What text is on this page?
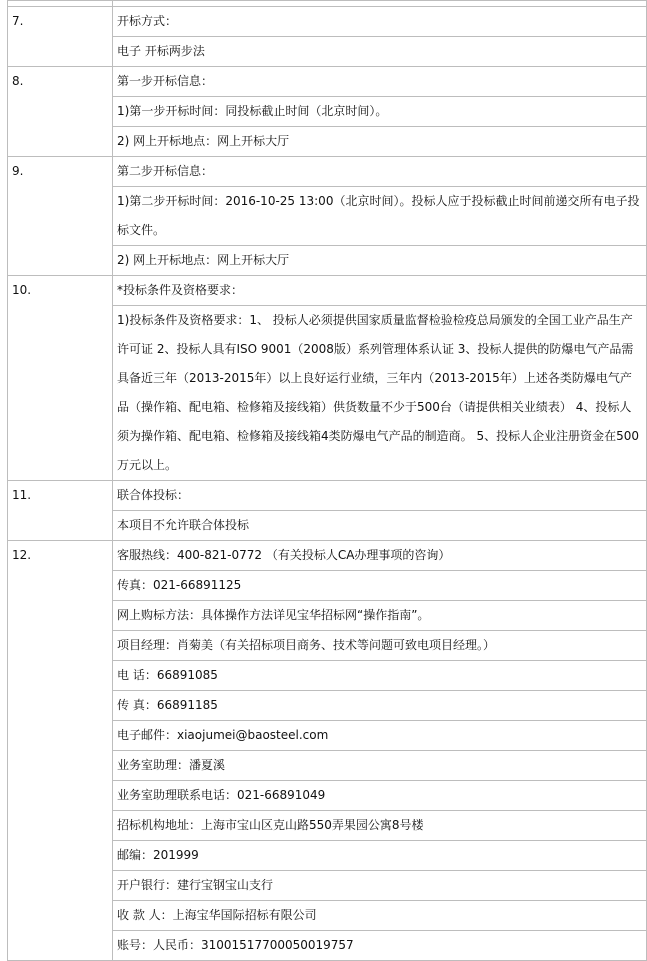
7.	开标方式：
	电子 开标两步法
8.	第一步开标信息：
	1)第一步开标时间：同投标截止时间（北京时间）。
	2) 网上开标地点：网上开标大厅
9.	第二步开标信息：
	1)第二步开标时间：2016-10-25 13:00（北京时间）。投标人应于投标截止时间前递交所有电子投标文件。
	2) 网上开标地点：网上开标大厅
10.	*投标条件及资格要求：
	1)投标条件及资格要求：1、 投标人必须提供国家质量监督检验检疫总局颁发的全国工业产品生产许可证 2、投标人具有ISO 9001（2008版）系列管理体系认证 3、投标人提供的防爆电气产品需具备近三年（2013-2015年）以上良好运行业绩，三年内（2013-2015年）上述各类防爆电气产品（操作箱、配电箱、检修箱及接线箱）供货数量不少于500台（请提供相关业绩表） 4、投标人须为操作箱、配电箱、检修箱及接线箱4类防爆电气产品的制造商。 5、投标人企业注册资金在500万元以上。
11.	联合体投标：
	本项目不允许联合体投标
12.	客服热线：400-821-0772 （有关投标人CA办理事项的咨询）
	传真：021-66891125
	网上购标方法：具体操作方法详见宝华招标网“操作指南”。
	项目经理：肖菊美（有关招标项目商务、技术等问题可致电项目经理。）
	电 话：66891085
	传 真：66891185
	电子邮件：xiaojumei@baosteel.com
	业务室助理：潘夏溪
	业务室助理联系电话：021-66891049
	招标机构地址：上海市宝山区克山路550弄果园公寓8号楼
	邮编：201999
	开户银行：建行宝钢宝山支行
	收 款 人：上海宝华国际招标有限公司
	账号：人民币：31001517700050019757
